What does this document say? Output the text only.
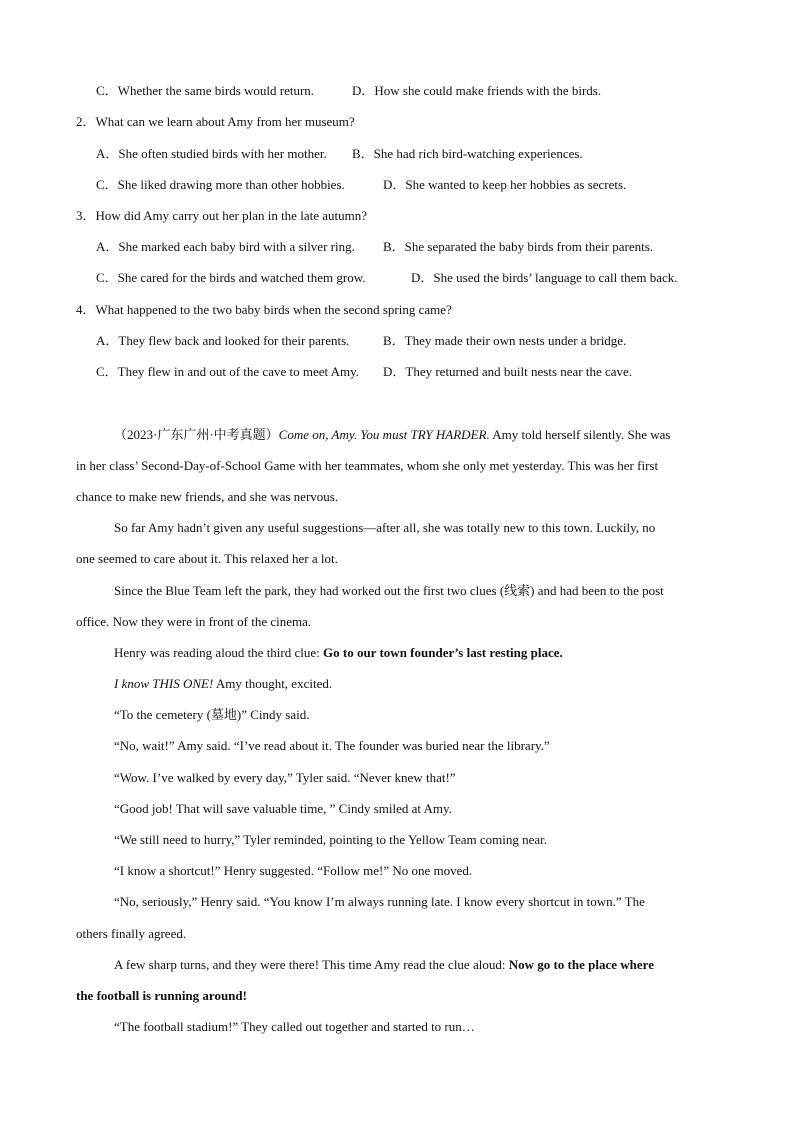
C．Whether the same birds would return.	D．How she could make friends with the birds.
2．What can we learn about Amy from her museum?
A．She often studied birds with her mother. B．She had rich bird-watching experiences.
C．She liked drawing more than other hobbies.	D．She wanted to keep her hobbies as secrets.
3．How did Amy carry out her plan in the late autumn?
A．She marked each baby bird with a silver ring. B．She separated the baby birds from their parents.
C．She cared for the birds and watched them grow.	D．She used the birds’ language to call them back.
4．What happened to the two baby birds when the second spring came?
A．They flew back and looked for their parents.	B．They made their own nests under a bridge.
C．They flew in and out of the cave to meet Amy. D．They returned and built nests near the cave.
（2023·广东广州·中考真题）Come on, Amy. You must TRY HARDER. Amy told herself silently. She was
in her class’ Second-Day-of-School Game with her teammates, whom she only met yesterday. This was her first
chance to make new friends, and she was nervous.
So far Amy hadn’t given any useful suggestions—after all, she was totally new to this town. Luckily, no
one seemed to care about it. This relaxed her a lot.
Since the Blue Team left the park, they had worked out the first two clues (线索) and had been to the post
office. Now they were in front of the cinema.
Henry was reading aloud the third clue: Go to our town founder’s last resting place.
I know THIS ONE! Amy thought, excited.
“To the cemetery (墓地)” Cindy said.
“No, wait!” Amy said. “I’ve read about it. The founder was buried near the library.”
“Wow. I’ve walked by every day,” Tyler said. “Never knew that!”
“Good job! That will save valuable time, ” Cindy smiled at Amy.
“We still need to hurry,” Tyler reminded, pointing to the Yellow Team coming near.
“I know a shortcut!” Henry suggested. “Follow me!” No one moved.
“No, seriously,” Henry said. “You know I’m always running late. I know every shortcut in town.” The
others finally agreed.
A few sharp turns, and they were there! This time Amy read the clue aloud: Now go to the place where
the football is running around!
“The football stadium!” They called out together and started to run…
